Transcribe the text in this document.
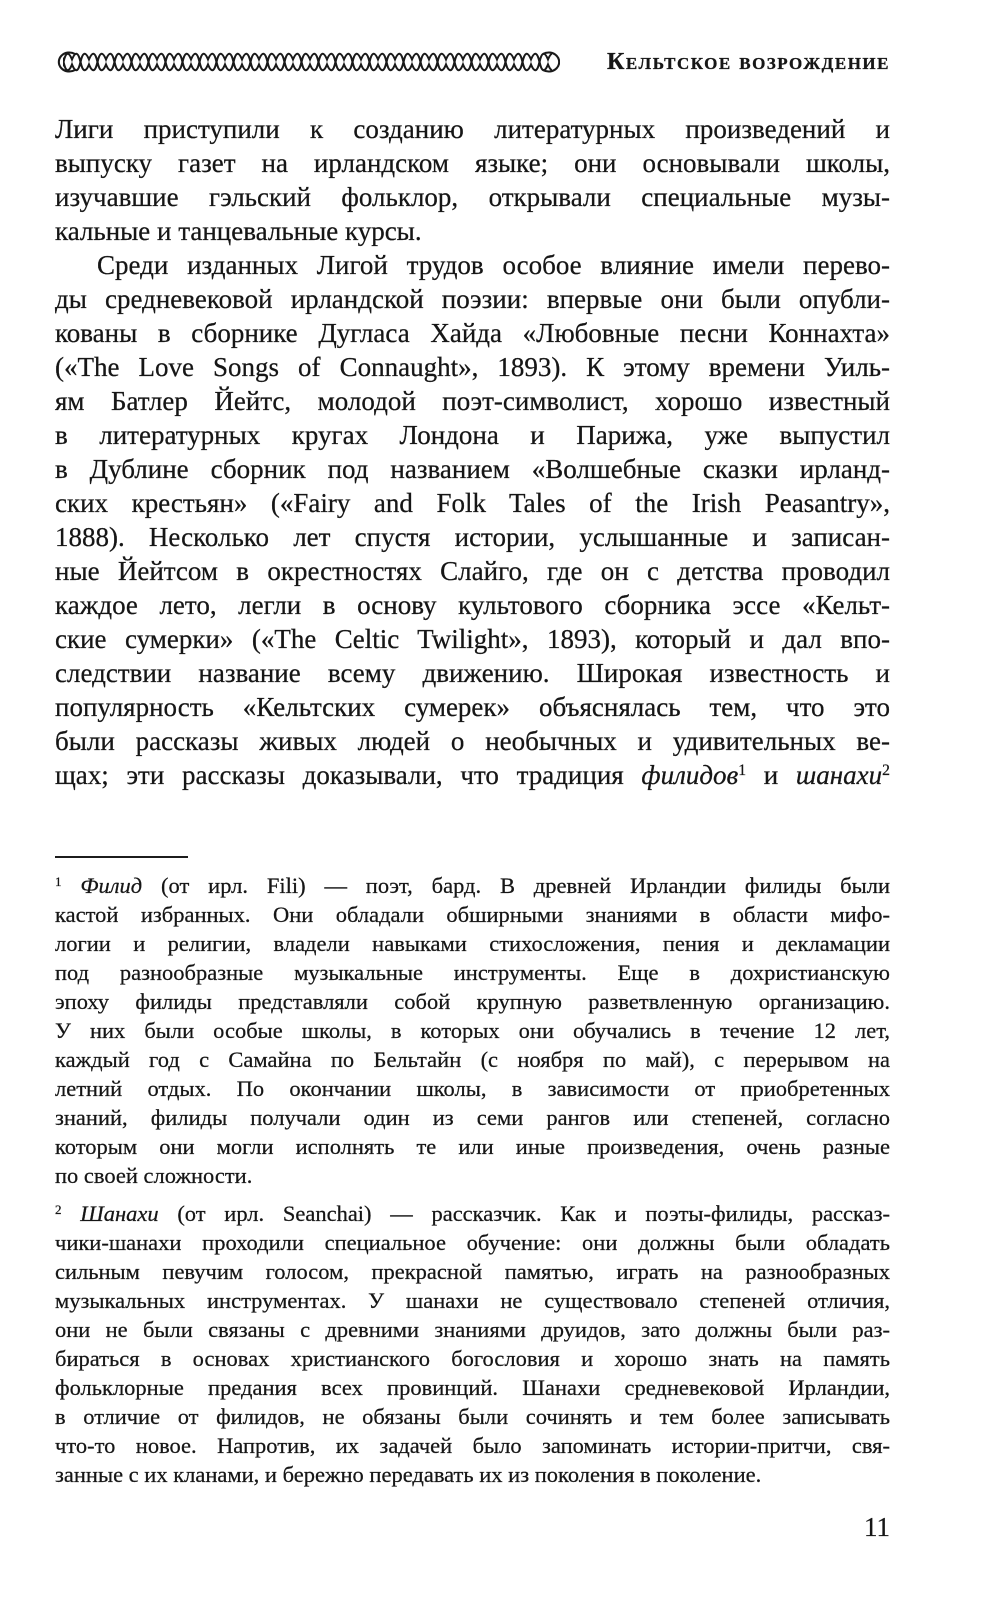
Кельтское возрождение
Лиги приступили к созданию литературных произведений и
выпуску газет на ирландском языке; они основывали школы,
изучавшие гэльский фольклор, открывали специальные музы-
кальные и танцевальные курсы.
Среди изданных Лигой трудов особое влияние имели перево-
ды средневековой ирландской поэзии: впервые они были опубли-
кованы в сборнике Дугласа Хайда «Любовные песни Коннахта»
(«The Love Songs of Connaught», 1893). К этому времени Уиль-
ям Батлер Йейтс, молодой поэт-символист, хорошо известный
в литературных кругах Лондона и Парижа, уже выпустил
в Дублине сборник под названием «Волшебные сказки ирланд-
ских крестьян» («Fairy and Folk Tales of the Irish Peasantry»,
1888). Несколько лет спустя истории, услышанные и записан-
ные Йейтсом в окрестностях Слайго, где он с детства проводил
каждое лето, легли в основу культового сборника эссе «Кельт-
ские сумерки» («The Celtic Twilight», 1893), который и дал впо-
следствии название всему движению. Широкая известность и
популярность «Кельтских сумерек» объяснялась тем, что это
были рассказы живых людей о необычных и удивительных ве-
щах; эти рассказы доказывали, что традиция филидов$^1$ и шанахи$^2$
$^1$ Филид (от ирл. Fili) — поэт, бард. В древней Ирландии филиды были
кастой избранных. Они обладали обширными знаниями в области мифо-
логии и религии, владели навыками стихосложения, пения и декламации
под разнообразные музыкальные инструменты. Еще в дохристианскую
эпоху филиды представляли собой крупную разветвленную организацию.
У них были особые школы, в которых они обучались в течение 12 лет,
каждый год с Самайна по Бельтайн (с ноября по май), с перерывом на
летний отдых. По окончании школы, в зависимости от приобретенных
знаний, филиды получали один из семи рангов или степеней, согласно
которым они могли исполнять те или иные произведения, очень разные
по своей сложности.
$^2$ Шанахи (от ирл. Seanchai) — рассказчик. Как и поэты-филиды, рассказ-
чики-шанахи проходили специальное обучение: они должны были обладать
сильным певучим голосом, прекрасной памятью, играть на разнообразных
музыкальных инструментах. У шанахи не существовало степеней отличия,
они не были связаны с древними знаниями друидов, зато должны были раз-
бираться в основах христианского богословия и хорошо знать на память
фольклорные предания всех провинций. Шанахи средневековой Ирландии,
в отличие от филидов, не обязаны были сочинять и тем более записывать
что-то новое. Напротив, их задачей было запоминать истории-притчи, свя-
занные с их кланами, и бережно передавать их из поколения в поколение.
11
